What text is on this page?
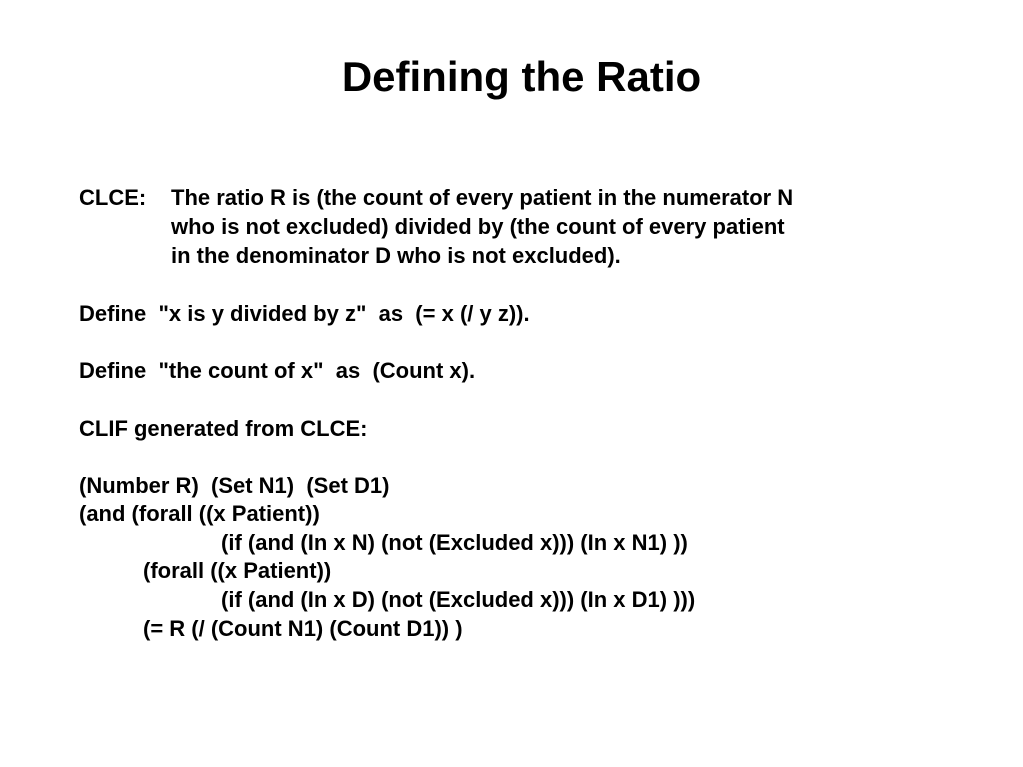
Defining the Ratio

CLCE:

The ratio R is (the count of every patient in the numerator N

who is not excluded) divided by (the count of every patient
in the denominator D who is not excluded).
Define  "x is y divided by z"  as  (= x (/ y z)).
Define  "the count of x"  as  (Count x).
CLIF generated from CLCE:
(Number R)  (Set N1)  (Set D1)
(and (forall ((x Patient))
(if (and (In x N) (not (Excluded x))) (In x N1) ))
(forall ((x Patient))
(if (and (In x D) (not (Excluded x))) (In x D1) )))
(= R (/ (Count N1) (Count D1)) )
